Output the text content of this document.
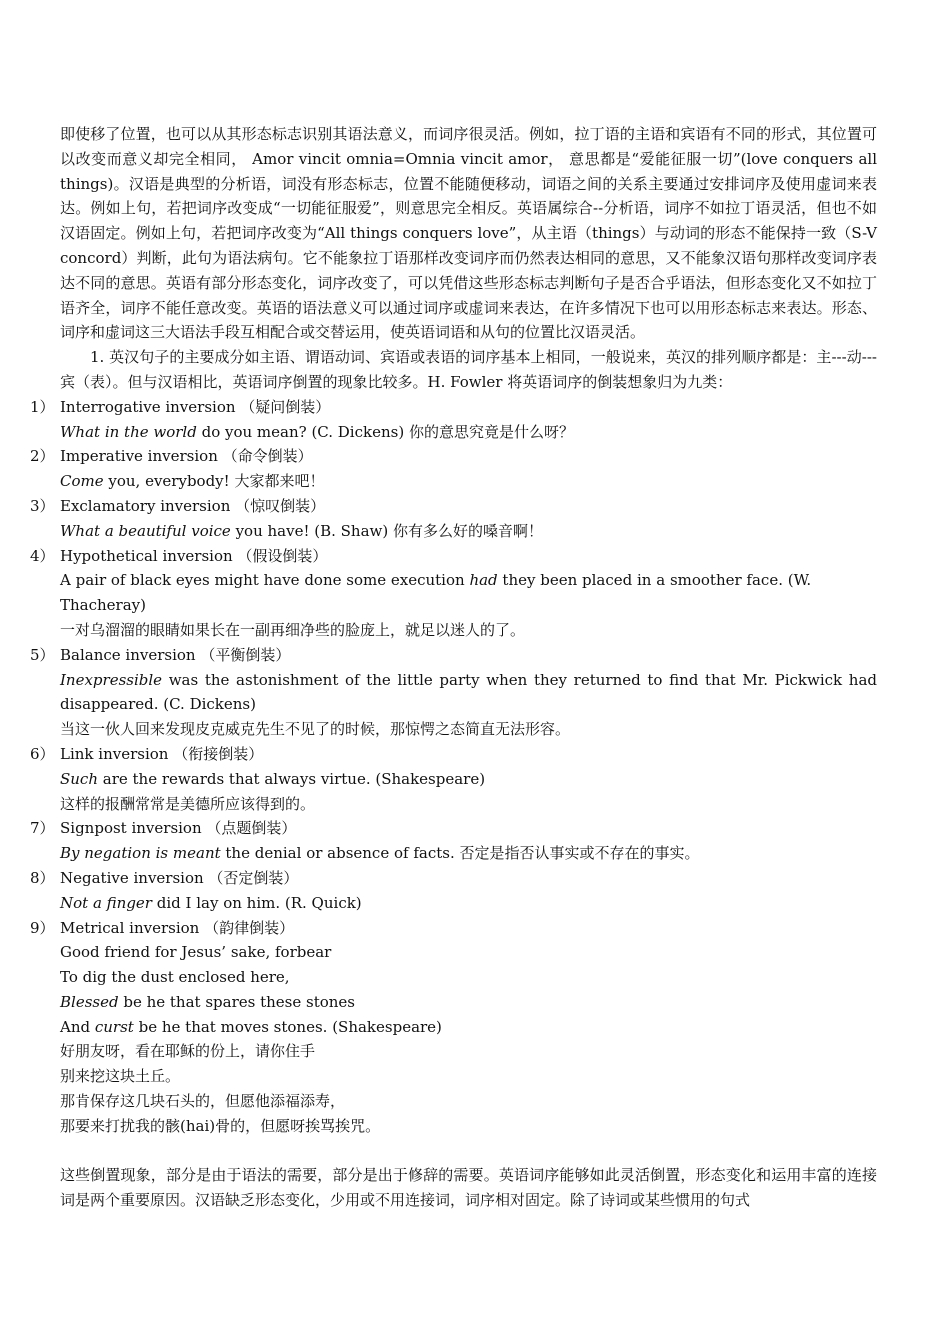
即使移了位置，也可以从其形态标志识别其语法意义，而词序很灵活。例如，拉丁语的主语和宾语有不同的形式，其位置可以改变而意义却完全相同， Amor vincit omnia=Omnia vincit amor， 意思都是“爱能征服一切”(love conquers all things)。汉语是典型的分析语，词没有形态标志，位置不能随便移动，词语之间的关系主要通过安排词序及使用虚词来表达。例如上句，若把词序改变成“一切能征服爱”，则意思完全相反。英语属综合--分析语，词序不如拉丁语灵活，但也不如汉语固定。例如上句，若把词序改变为“All things conquers love”，从主语（things）与动词的形态不能保持一致（S-V concord）判断，此句为语法病句。它不能象拉丁语那样改变词序而仍然表达相同的意思，又不能象汉语句那样改变词序表达不同的意思。英语有部分形态变化，词序改变了，可以凭借这些形态标志判断句子是否合乎语法，但形态变化又不如拉丁语齐全，词序不能任意改变。英语的语法意义可以通过词序或虚词来表达，在许多情况下也可以用形态标志来表达。形态、词序和虚词这三大语法手段互相配合或交替运用，使英语词语和从句的位置比汉语灵活。

1. 英汉句子的主要成分如主语、谓语动词、宾语或表语的词序基本上相同，一般说来，英汉的排列顺序都是：主---动---宾（表）。但与汉语相比，英语词序倒置的现象比较多。H. Fowler 将英语词序的倒装想象归为九类：

1） Interrogative inversion （疑问倒装）

What in the world do you mean? (C. Dickens) 你的意思究竟是什么呀？

2） Imperative inversion （命令倒装）

Come you, everybody! 大家都来吧！

3） Exclamatory inversion （惊叹倒装）

What a beautiful voice you have! (B. Shaw) 你有多么好的嗓音啊！

4） Hypothetical inversion （假设倒装）

A pair of black eyes might have done some execution had they been placed in a smoother face. (W. Thacheray)

一对乌溜溜的眼睛如果长在一副再细净些的脸庞上，就足以迷人的了。

5） Balance inversion （平衡倒装）

Inexpressible was the astonishment of the little party when they returned to find that Mr. Pickwick had disappeared. (C. Dickens)

当这一伙人回来发现皮克威克先生不见了的时候，那惊愕之态简直无法形容。

6） Link inversion （衔接倒装）

Such are the rewards that always virtue. (Shakespeare)

这样的报酬常常是美德所应该得到的。

7） Signpost inversion （点题倒装）

By negation is meant the denial or absence of facts. 否定是指否认事实或不存在的事实。

8） Negative inversion （否定倒装）

Not a finger did I lay on him. (R. Quick)

9） Metrical inversion （韵律倒装）

Good friend for Jesus’ sake, forbear

To dig the dust enclosed here,

Blessed be he that spares these stones

And curst be he that moves stones. (Shakespeare)

好朋友呀，看在耶稣的份上，请你住手

别来挖这块土丘。

那肯保存这几块石头的，但愿他添福添寿，

那要来打扰我的骸(hai)骨的，但愿呀挨骂挨咒。

这些倒置现象，部分是由于语法的需要，部分是出于修辞的需要。英语词序能够如此灵活倒置，形态变化和运用丰富的连接词是两个重要原因。汉语缺乏形态变化，少用或不用连接词，词序相对固定。除了诗词或某些惯用的句式
